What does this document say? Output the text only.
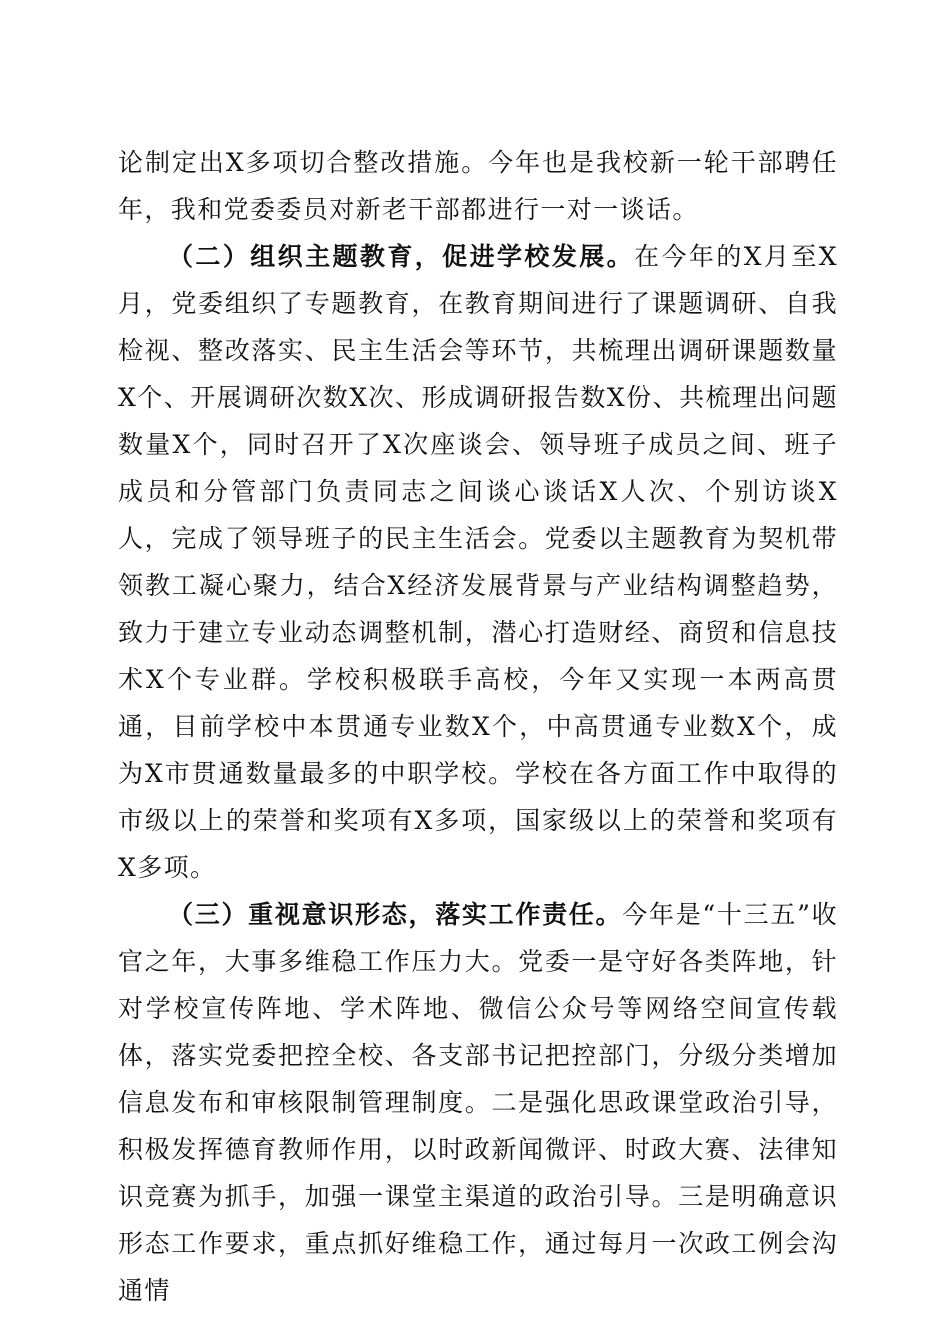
论制定出X多项切合整改措施。今年也是我校新一轮干部聘任年，我和党委委员对新老干部都进行一对一谈话。

（二）组织主题教育，促进学校发展。在今年的X月至X月，党委组织了专题教育，在教育期间进行了课题调研、自我检视、整改落实、民主生活会等环节，共梳理出调研课题数量X个、开展调研次数X次、形成调研报告数X份、共梳理出问题数量X个，同时召开了X次座谈会、领导班子成员之间、班子成员和分管部门负责同志之间谈心谈话X人次、个别访谈X人，完成了领导班子的民主生活会。党委以主题教育为契机带领教工凝心聚力，结合X经济发展背景与产业结构调整趋势，致力于建立专业动态调整机制，潜心打造财经、商贸和信息技术X个专业群。学校积极联手高校，今年又实现一本两高贯通，目前学校中本贯通专业数X个，中高贯通专业数X个，成为X市贯通数量最多的中职学校。学校在各方面工作中取得的市级以上的荣誉和奖项有X多项，国家级以上的荣誉和奖项有X多项。

（三）重视意识形态，落实工作责任。今年是“十三五”收官之年，大事多维稳工作压力大。党委一是守好各类阵地，针对学校宣传阵地、学术阵地、微信公众号等网络空间宣传载体，落实党委把控全校、各支部书记把控部门，分级分类增加信息发布和审核限制管理制度。二是强化思政课堂政治引导，积极发挥德育教师作用，以时政新闻微评、时政大赛、法律知识竞赛为抓手，加强一课堂主渠道的政治引导。三是明确意识形态工作要求，重点抓好维稳工作，通过每月一次政工例会沟通情
